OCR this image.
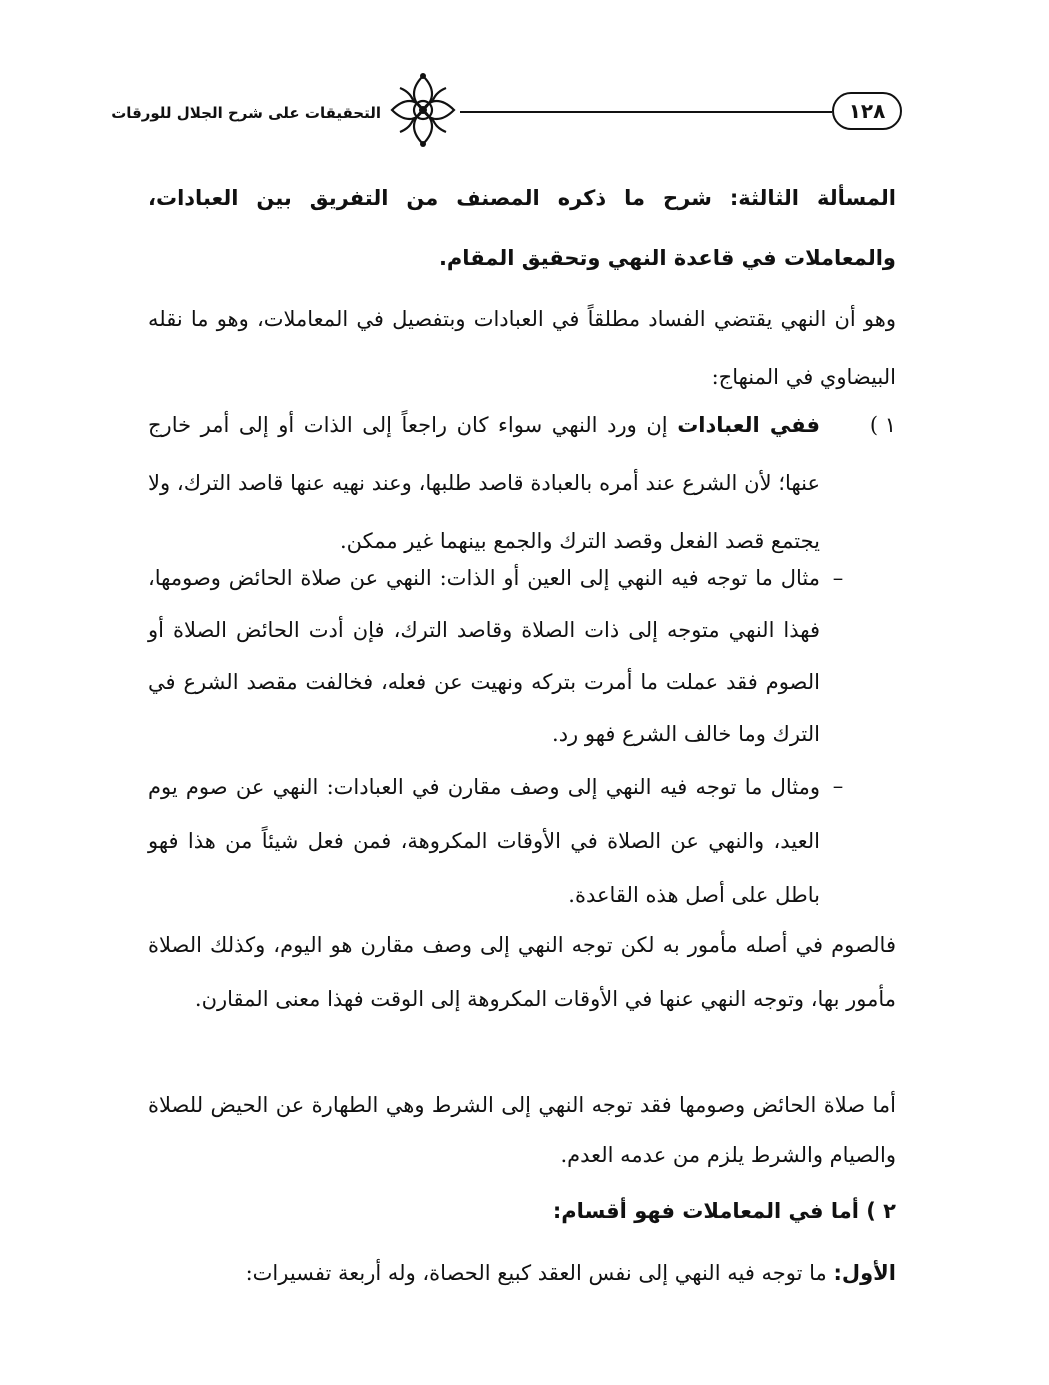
التحقيقات على شرح الجلال للورقات	١٢٨
المسألة الثالثة: شرح ما ذكره المصنف من التفريق بين العبادات، والمعاملات في قاعدة النهي وتحقيق المقام.
وهو أن النهي يقتضي الفساد مطلقاً في العبادات وبتفصيل في المعاملات، وهو ما نقله البيضاوي في المنهاج:
١ )
ففي العبادات إن ورد النهي سواء كان راجعاً إلى الذات أو إلى أمر خارج عنها؛ لأن الشرع عند أمره بالعبادة قاصد طلبها، وعند نهيه عنها قاصد الترك، ولا يجتمع قصد الفعل وقصد الترك والجمع بينهما غير ممكن.
–
مثال ما توجه فيه النهي إلى العين أو الذات: النهي عن صلاة الحائض وصومها، فهذا النهي متوجه إلى ذات الصلاة وقاصد الترك، فإن أدت الحائض الصلاة أو الصوم فقد عملت ما أمرت بتركه ونهيت عن فعله، فخالفت مقصد الشرع في الترك وما خالف الشرع فهو رد.
–
ومثال ما توجه فيه النهي إلى وصف مقارن في العبادات: النهي عن صوم يوم العيد، والنهي عن الصلاة في الأوقات المكروهة، فمن فعل شيئاً من هذا فهو باطل على أصل هذه القاعدة.
فالصوم في أصله مأمور به لكن توجه النهي إلى وصف مقارن هو اليوم، وكذلك الصلاة مأمور بها، وتوجه النهي عنها في الأوقات المكروهة إلى الوقت فهذا معنى المقارن.
أما صلاة الحائض وصومها فقد توجه النهي إلى الشرط وهي الطهارة عن الحيض للصلاة والصيام والشرط يلزم من عدمه العدم.
٢ ) أما في المعاملات فهو أقسام:
الأول: ما توجه فيه النهي إلى نفس العقد كبيع الحصاة، وله أربعة تفسيرات:
